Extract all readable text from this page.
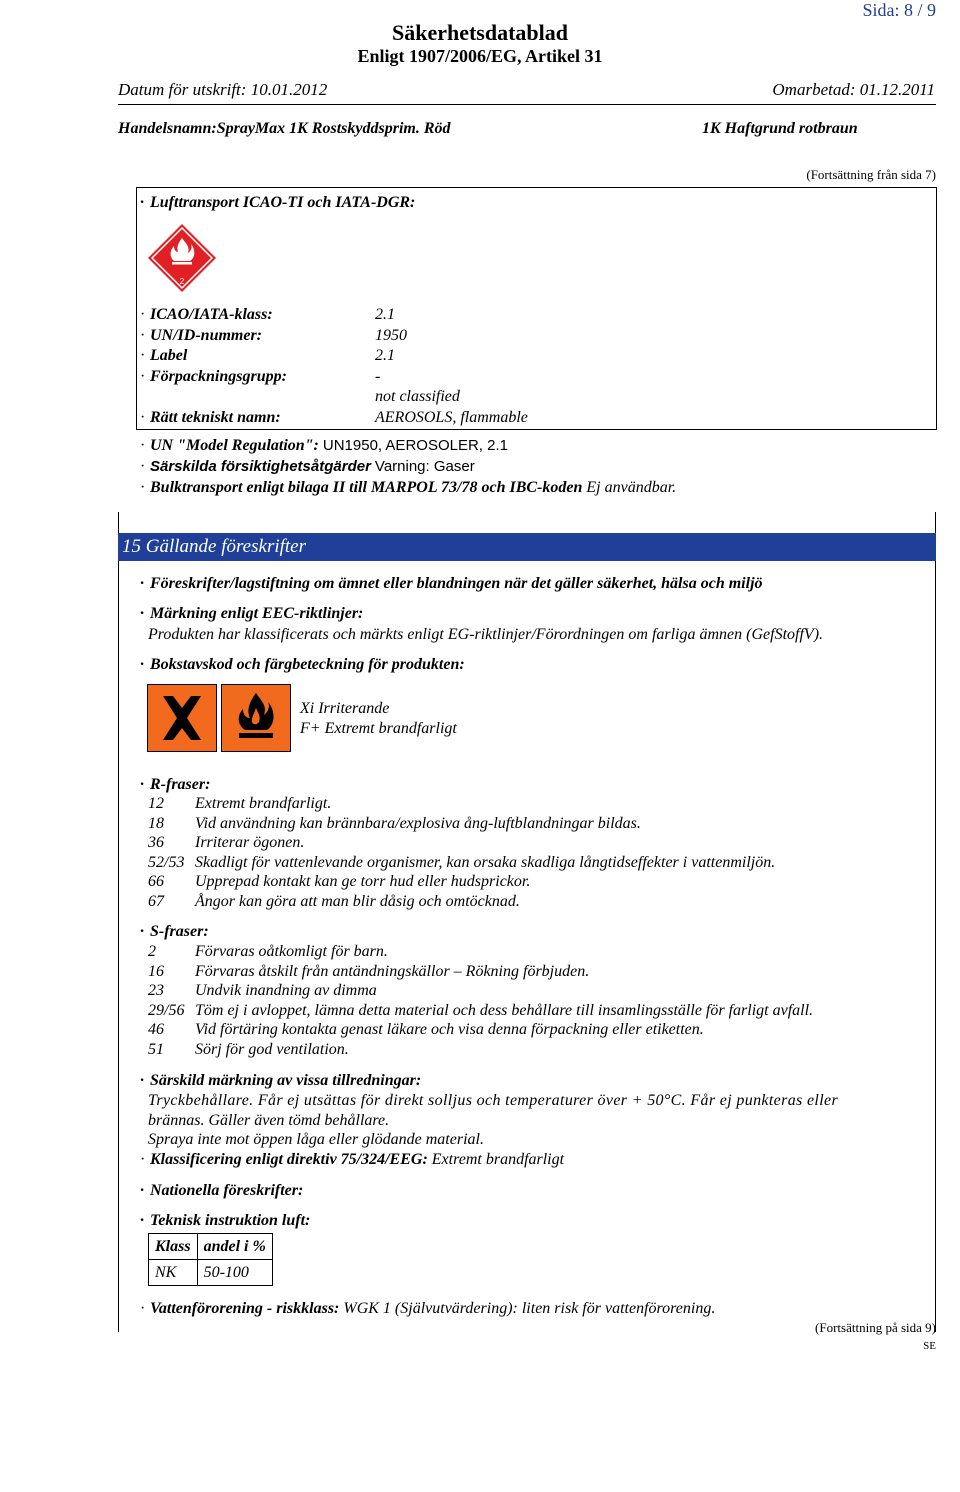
Sida: 8 / 9
Säkerhetsdatablad
Enligt 1907/2006/EG, Artikel 31
Datum för utskrift: 10.01.2012	Omarbetad: 01.12.2011
Handelsnamn:SprayMax 1K Rostskyddsprim. Röd	1K Haftgrund rotbraun
(Fortsättning från sida 7)
· Lufttransport ICAO-TI och IATA-DGR:
2
· ICAO/IATA-klass:	2.1
· UN/ID-nummer:	1950
· Label	2.1
· Förpackningsgrupp:	-
not classified
· Rätt tekniskt namn:	AEROSOLS, flammable
· UN "Model Regulation": UN1950, AEROSOLER, 2.1
· Särskilda försiktighetsåtgärder Varning: Gaser
· Bulktransport enligt bilaga II till MARPOL 73/78 och IBC-koden Ej användbar.
15 Gällande föreskrifter
· Föreskrifter/lagstiftning om ämnet eller blandningen när det gäller säkerhet, hälsa och miljö
· Märkning enligt EEC-riktlinjer:
Produkten har klassificerats och märkts enligt EG-riktlinjer/Förordningen om farliga ämnen (GefStoffV).
· Bokstavskod och färgbeteckning för produkten:
Xi Irriterande
F+ Extremt brandfarligt
· R-fraser:
12 Extremt brandfarligt.
18 Vid användning kan brännbara/explosiva ång-luftblandningar bildas.
36 Irriterar ögonen.
52/53 Skadligt för vattenlevande organismer, kan orsaka skadliga långtidseffekter i vattenmiljön.
66 Upprepad kontakt kan ge torr hud eller hudsprickor.
67 Ångor kan göra att man blir dåsig och omtöcknad.
· S-fraser:
2 Förvaras oåtkomligt för barn.
16 Förvaras åtskilt från antändningskällor – Rökning förbjuden.
23 Undvik inandning av dimma
29/56 Töm ej i avloppet, lämna detta material och dess behållare till insamlingsställe för farligt avfall.
46 Vid förtäring kontakta genast läkare och visa denna förpackning eller etiketten.
51 Sörj för god ventilation.
· Särskild märkning av vissa tillredningar:
Tryckbehållare. Får ej utsättas för direkt solljus och temperaturer över + 50°C. Får ej punkteras eller
brännas. Gäller även tömd behållare.
Spraya inte mot öppen låga eller glödande material.
· Klassificering enligt direktiv 75/324/EEG: Extremt brandfarligt
· Nationella föreskrifter:
· Teknisk instruktion luft:
Klass	andel i %
NK	50-100
· Vattenförorening - riskklass: WGK 1 (Självutvärdering): liten risk för vattenförorening.
(Fortsättning på sida 9)
SE
